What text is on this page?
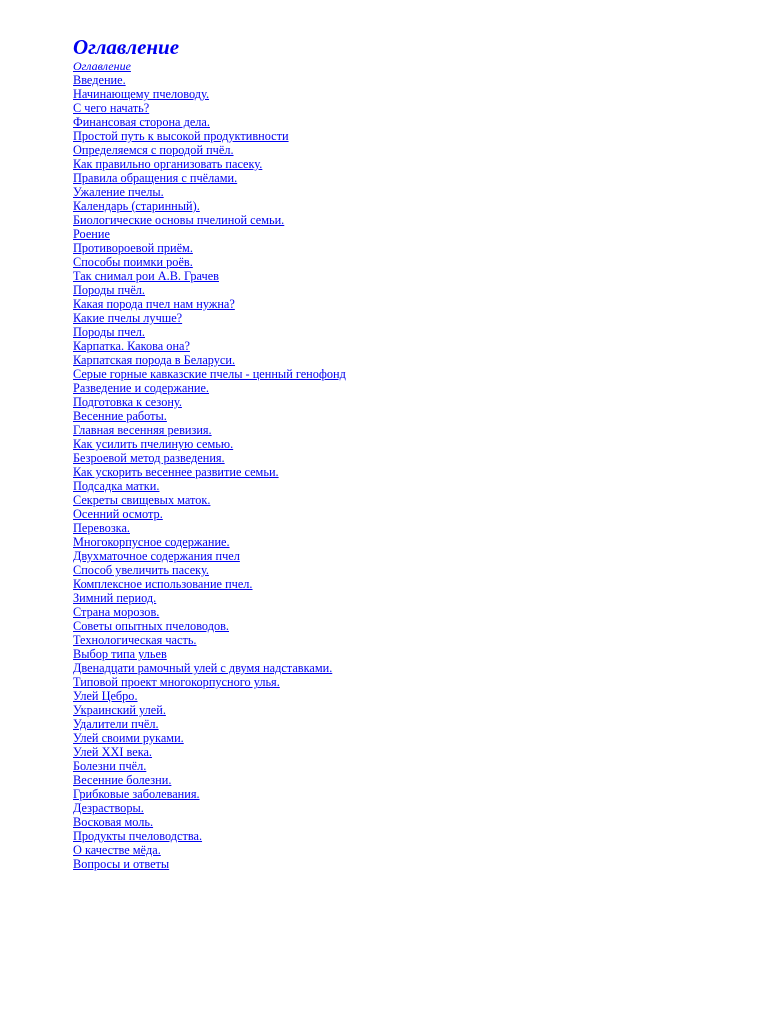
Оглавление
Оглавление
Введение.
Начинающему пчеловоду.
С чего начать?
Финансовая сторона дела.
Простой путь к высокой продуктивности
Определяемся с породой пчёл.
Как правильно организовать пасеку.
Правила обращения с пчёлами.
Ужаление пчелы.
Календарь (старинный).
Биологические основы пчелиной семьи.
Роение
Противороевой приём.
Способы поимки роёв.
Так снимал рои А.В. Грачев
Породы пчёл.
Какая порода пчел нам нужна?
Какие пчелы лучше?
Породы пчел.
Карпатка. Какова она?
Карпатская порода в Беларуси.
Серые горные кавказские пчелы - ценный генофонд
Разведение и содержание.
Подготовка к сезону.
Весенние работы.
Главная весенняя ревизия.
Как усилить пчелиную семью.
Безроевой метод разведения.
Как ускорить весеннее развитие семьи.
Подсадка матки.
Секреты свищевых маток.
Осенний осмотр.
Перевозка.
Многокорпусное содержание.
Двухматочное содержания пчел
Способ увеличить пасеку.
Комплексное использование пчел.
Зимний период.
Страна морозов.
Советы опытных пчеловодов.
Технологическая часть.
Выбор типа ульев
Двенадцати рамочный улей с двумя надставками.
Типовой проект многокорпусного улья.
Улей Цебро.
Украинский улей.
Удалители пчёл.
Улей своими руками.
Улей XXI века.
Болезни пчёл.
Весенние болезни.
Грибковые заболевания.
Дезрастворы.
Восковая моль.
Продукты пчеловодства.
О качестве мёда.
Вопросы и ответы
